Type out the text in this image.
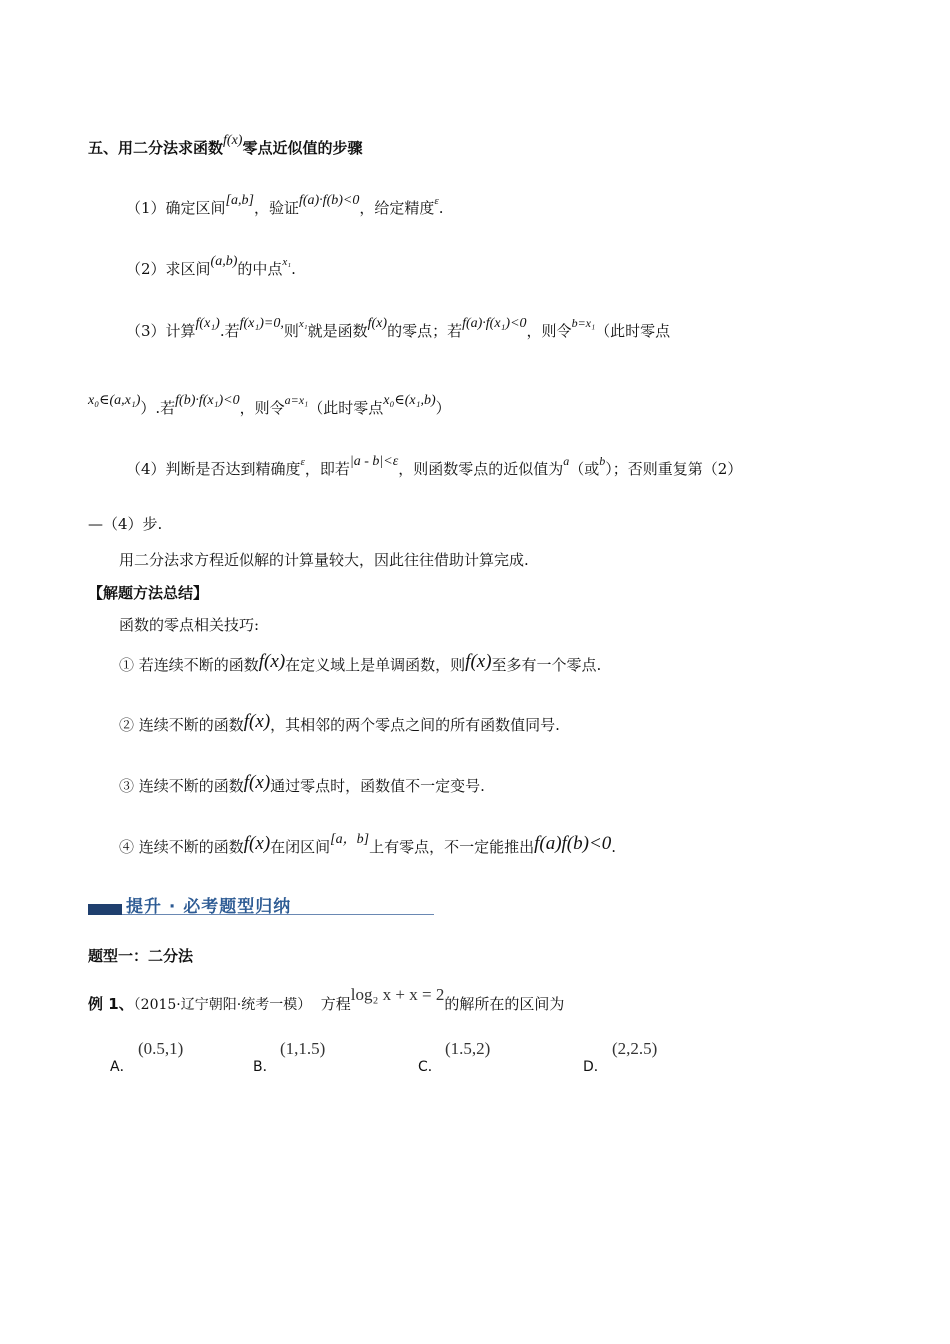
五、用二分法求函数f(x)零点近似值的步骤
（1）确定区间[a,b]，验证f(a)·f(b)<0，给定精度$^\varepsilon$.
（2）求区间(a,b)的中点$^{x_1}$.
（3）计算f(x₁).若f(x₁)=0,则$^{x_1}$就是函数f(x)的零点；若f(a)·f(x₁)<0，则令$^{b=x_1}$（此时零点
x₀∈(a,x₁)）.若f(b)·f(x₁)<0，则令$^{a=x_1}$（此时零点x₀∈(x₁,b)）
（4）判断是否达到精确度$^\varepsilon$，即若|a - b|<ε，则函数零点的近似值为$^a$（或$^b$）；否则重复第（2）
—（4）步.
用二分法求方程近似解的计算量较大，因此往往借助计算完成.
【解题方法总结】
函数的零点相关技巧:
① 若连续不断的函数f(x)在定义域上是单调函数，则f(x)至多有一个零点.
② 连续不断的函数f(x)，其相邻的两个零点之间的所有函数值同号.
③ 连续不断的函数f(x)通过零点时，函数值不一定变号.
④ 连续不断的函数f(x)在闭区间[a，b]上有零点，不一定能推出f(a)f(b)<0.
提升 · 必考题型归纳
题型一：二分法
例 1、（2015·辽宁朝阳·统考一模） 方程log₂ x + x = 2的解所在的区间为
A．
(0.5,1)
B．
(1,1.5)
C．
(1.5,2)
D．
(2,2.5)
